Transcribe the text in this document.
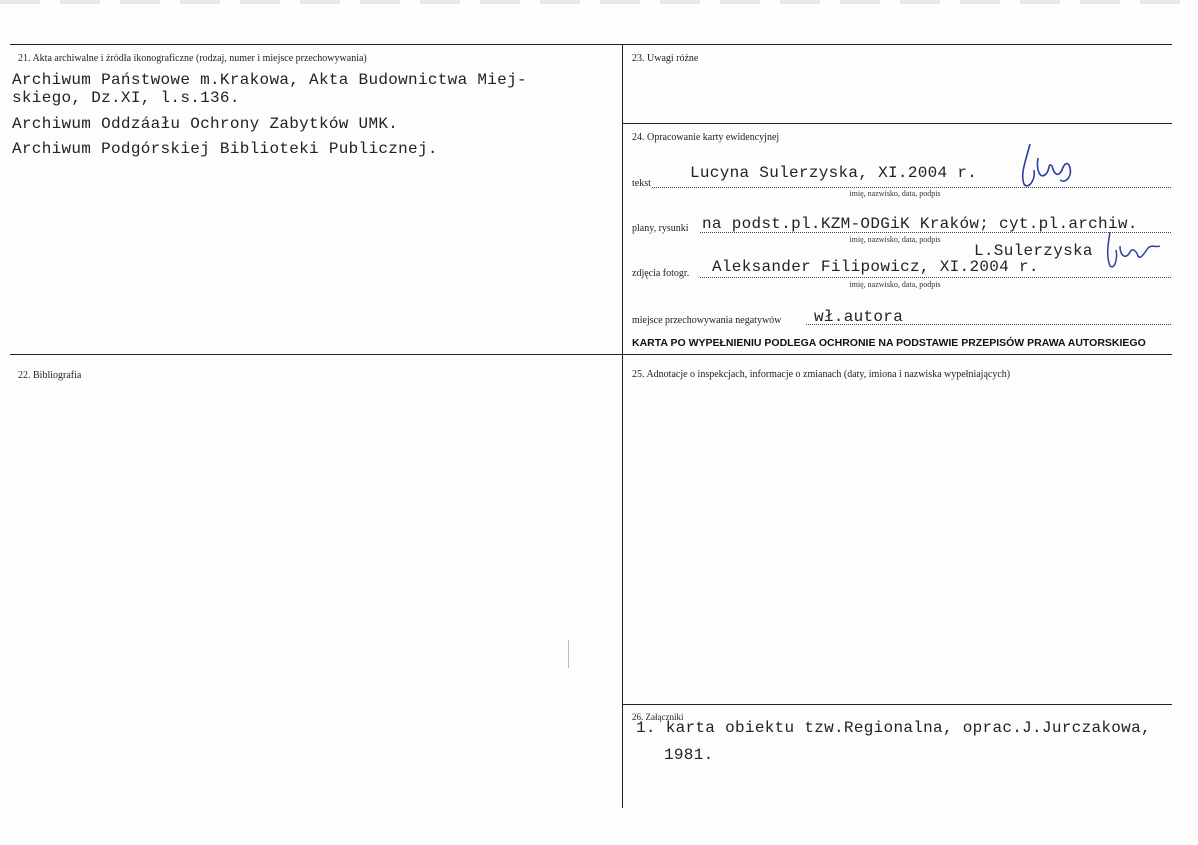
21. Akta archiwalne i źródła ikonograficzne (rodzaj, numer i miejsce przechowywania)
Archiwum Państwowe m.Krakowa, Akta Budownictwa Miej-
skiego, Dz.XI, l.s.136.
Archiwum Oddzáału Ochrony Zabytków UMK.
Archiwum Podgórskiej Biblioteki Publicznej.
22. Bibliografia
23. Uwagi różne
24. Opracowanie karty ewidencyjnej
tekst
Lucyna Sulerzyska, XI.2004 r.
imię, nazwisko, data, podpis
plany, rysunki na podst.pl.KZM-ODGiK Kraków; cyt.pl.archiw.
imię, nazwisko, data, podpis
L.Sulerzyska
zdjęcia fotogr. Aleksander Filipowicz, XI.2004 r.
imię, nazwisko, data, podpis
miejsce przechowywania negatywów wł.autora
KARTA PO WYPEŁNIENIU PODLEGA OCHRONIE NA PODSTAWIE PRZEPISÓW PRAWA AUTORSKIEGO
25. Adnotacje o inspekcjach, informacje o zmianach (daty, imiona i nazwiska wypełniających)
26. Załączniki
1. karta obiektu tzw.Regionalna, oprac.J.Jurczakowa,
1981.
